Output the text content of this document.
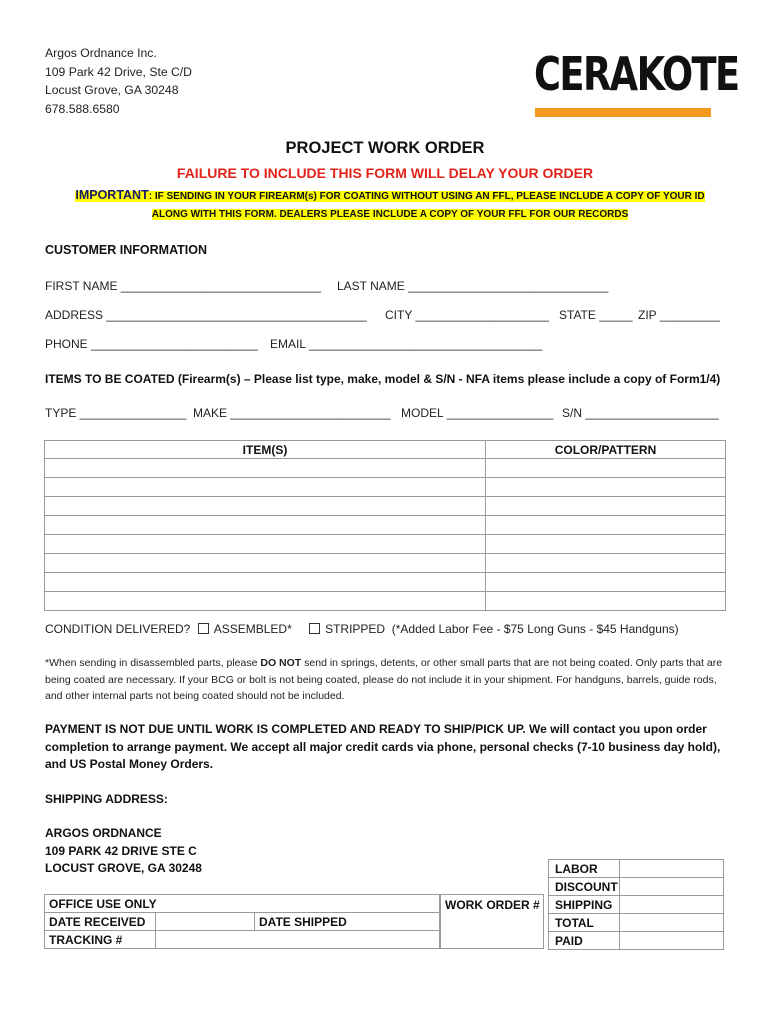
Argos Ordnance Inc.
109 Park 42 Drive, Ste C/D
Locust Grove, GA 30248
678.588.6580
CERAKOTE
PROJECT WORK ORDER
FAILURE TO INCLUDE THIS FORM WILL DELAY YOUR ORDER
IMPORTANT: IF SENDING IN YOUR FIREARM(s) FOR COATING WITHOUT USING AN FFL, PLEASE INCLUDE A COPY OF YOUR ID
ALONG WITH THIS FORM. DEALERS PLEASE INCLUDE A COPY OF YOUR FFL FOR OUR RECORDS
CUSTOMER INFORMATION
FIRST NAME ______________________________ LAST NAME ______________________________
ADDRESS _______________________________________ CITY ____________________ STATE _____ ZIP _________
PHONE _________________________ EMAIL ___________________________________
ITEMS TO BE COATED (Firearm(s) – Please list type, make, model & S/N - NFA items please include a copy of Form1/4)
TYPE ________________ MAKE ________________________ MODEL ________________ S/N ____________________
ITEM(S)	COLOR/PATTERN

CONDITION DELIVERED? ASSEMBLED*	STRIPPED (*Added Labor Fee - $75 Long Guns - $45 Handguns)
*When sending in disassembled parts, please DO NOT send in springs, detents, or other small parts that are not being coated. Only parts that are being coated are necessary. If your BCG or bolt is not being coated, please do not include it in your shipment. For handguns, barrels, guide rods, and other internal parts not being coated should not be included.
PAYMENT IS NOT DUE UNTIL WORK IS COMPLETED AND READY TO SHIP/PICK UP. We will contact you upon order completion to arrange payment. We accept all major credit cards via phone, personal checks (7-10 business day hold), and US Postal Money Orders.
SHIPPING ADDRESS:
ARGOS ORDNANCE
109 PARK 42 DRIVE STE C
LOCUST GROVE, GA 30248
OFFICE USE ONLY		
DATE RECEIVED		DATE SHIPPED
TRACKING #		
WORK ORDER #
LABOR	
DISCOUNT	
SHIPPING	
TOTAL	
PAID	
